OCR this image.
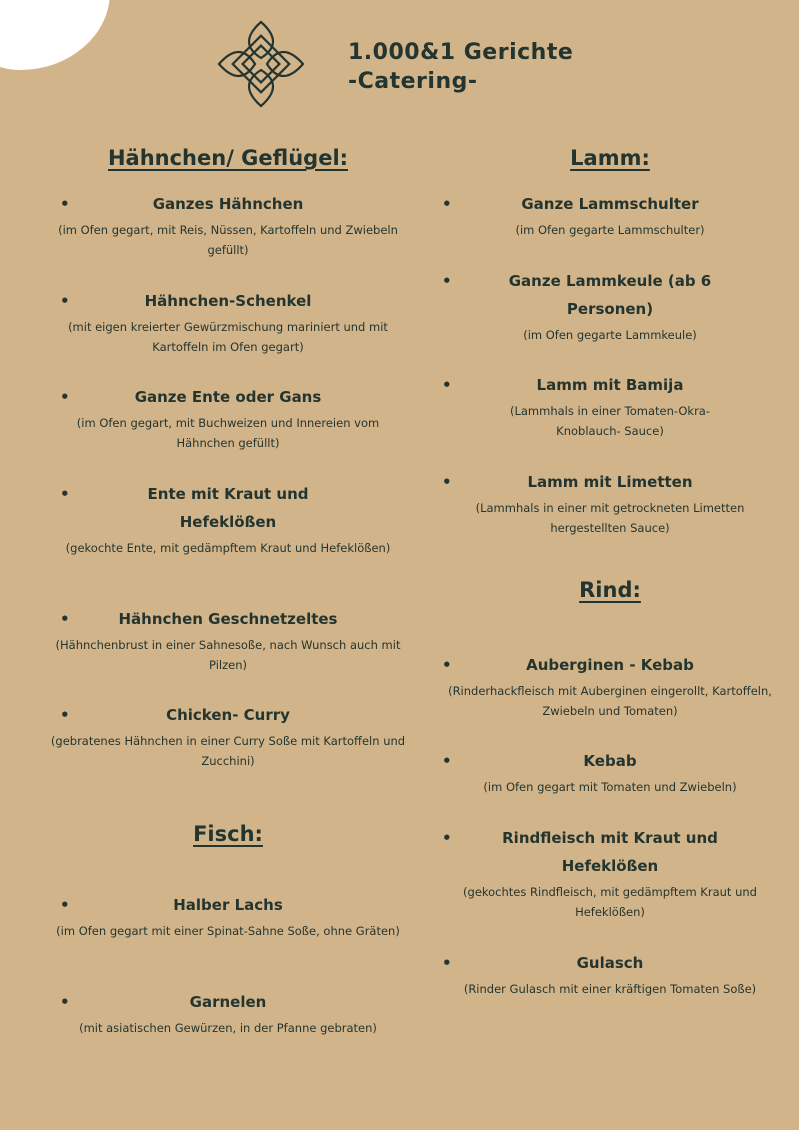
1.000&1 Gerichte
-Catering-
Hähnchen/ Geflügel:
•	Ganzes Hähnchen
(im Ofen gegart, mit Reis, Nüssen, Kartoffeln und Zwiebeln gefüllt)
•	Hähnchen-Schenkel
(mit eigen kreierter Gewürzmischung mariniert und mit Kartoffeln im Ofen gegart)
•	Ganze Ente oder Gans
(im Ofen gegart, mit Buchweizen und Innereien vom Hähnchen gefüllt)
•	Ente mit Kraut und Hefeklößen
(gekochte Ente, mit gedämpftem Kraut und Hefeklößen)
•	Hähnchen Geschnetzeltes
(Hähnchenbrust in einer Sahnesoße, nach Wunsch auch mit Pilzen)
•	Chicken- Curry
(gebratenes Hähnchen in einer Curry Soße mit Kartoffeln und Zucchini)
Fisch:
•	Halber Lachs
(im Ofen gegart mit einer Spinat-Sahne Soße, ohne Gräten)
•	Garnelen
(mit asiatischen Gewürzen, in der Pfanne gebraten)
Lamm:
•	Ganze Lammschulter
(im Ofen gegarte Lammschulter)
•	Ganze Lammkeule (ab 6 Personen)
(im Ofen gegarte Lammkeule)
•	Lamm mit Bamija
(Lammhals in einer Tomaten-Okra-Knoblauch- Sauce)
•	Lamm mit Limetten
(Lammhals in einer mit getrockneten Limetten hergestellten Sauce)
Rind:
•	Auberginen - Kebab
(Rinderhackfleisch mit Auberginen eingerollt, Kartoffeln, Zwiebeln und Tomaten)
•	Kebab
(im Ofen gegart mit Tomaten und Zwiebeln)
•	Rindfleisch mit Kraut und Hefeklößen
(gekochtes Rindfleisch, mit gedämpftem Kraut und Hefeklößen)
•	Gulasch
(Rinder Gulasch mit einer kräftigen Tomaten Soße)
